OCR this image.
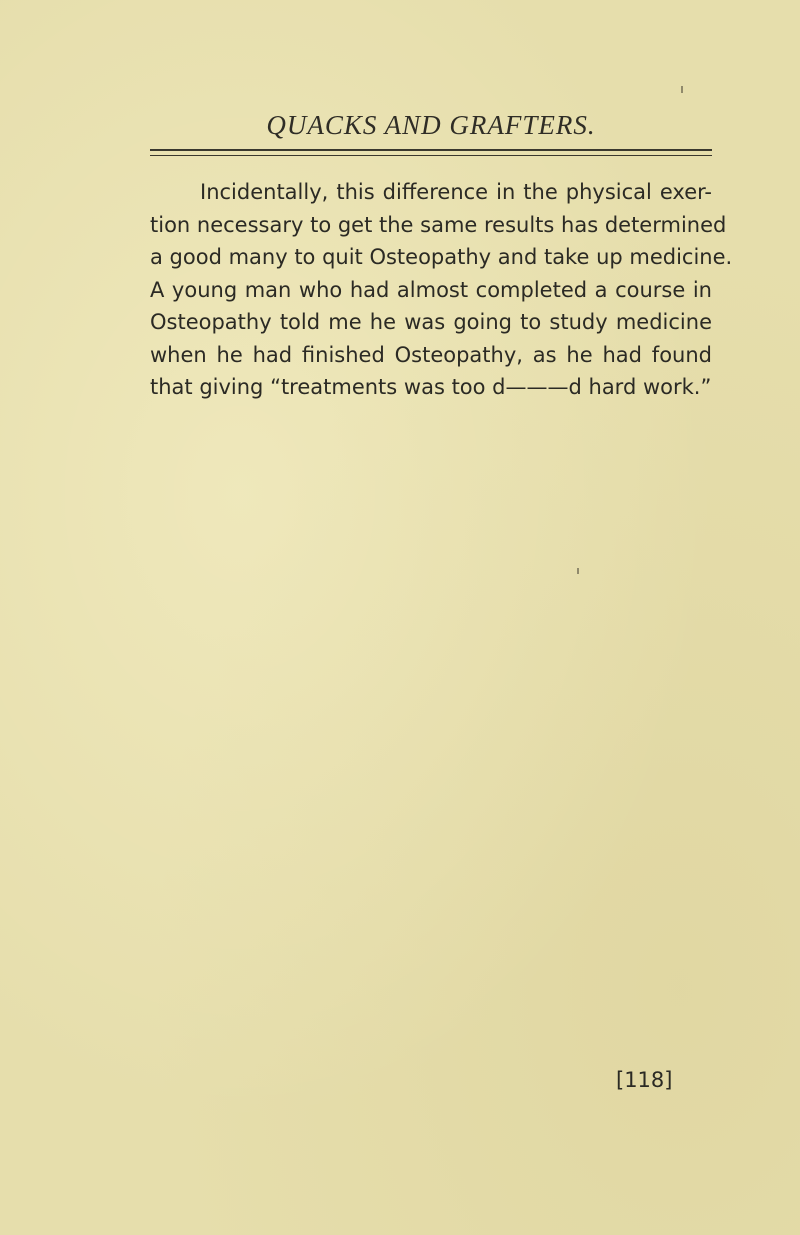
QUACKS AND GRAFTERS.
Incidentally, this difference in the physical exer-
tion necessary to get the same results has determined
a good many to quit Osteopathy and take up medicine.
A young man who had almost completed a course in
Osteopathy told me he was going to study medicine
when he had finished Osteopathy, as he had found
that giving “treatments was too d———d hard work.”
[118]
